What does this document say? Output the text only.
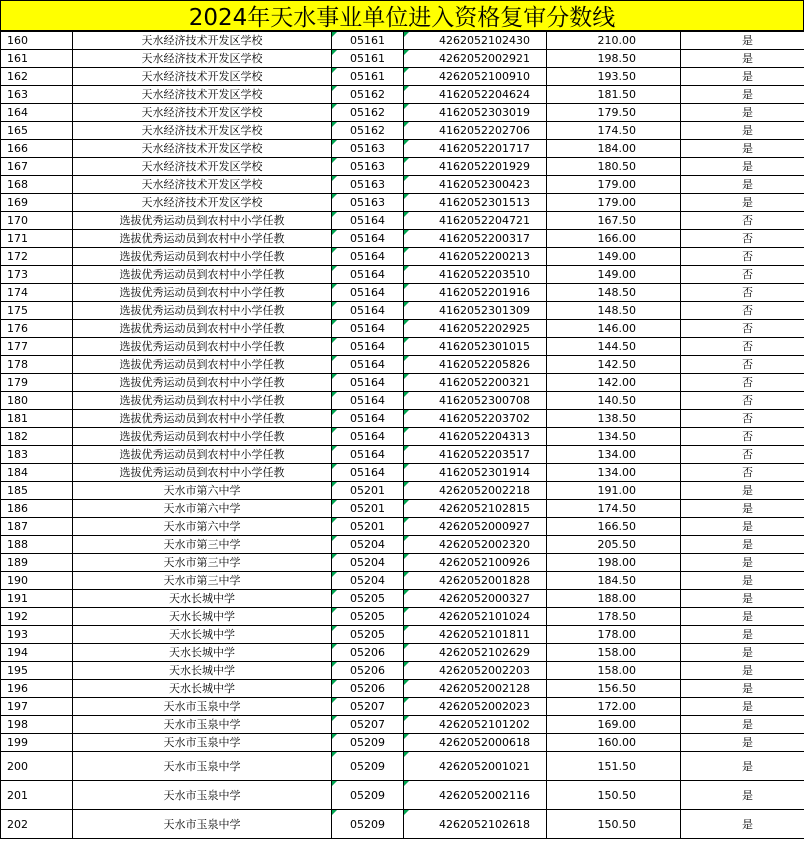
2024年天水事业单位进入资格复审分数线
160	天水经济技术开发区学校	05161	4262052102430	210.00	是
161	天水经济技术开发区学校	05161	4262052002921	198.50	是
162	天水经济技术开发区学校	05161	4262052100910	193.50	是
163	天水经济技术开发区学校	05162	4162052204624	181.50	是
164	天水经济技术开发区学校	05162	4162052303019	179.50	是
165	天水经济技术开发区学校	05162	4162052202706	174.50	是
166	天水经济技术开发区学校	05163	4162052201717	184.00	是
167	天水经济技术开发区学校	05163	4162052201929	180.50	是
168	天水经济技术开发区学校	05163	4162052300423	179.00	是
169	天水经济技术开发区学校	05163	4162052301513	179.00	是
170	选拔优秀运动员到农村中小学任教	05164	4162052204721	167.50	否
171	选拔优秀运动员到农村中小学任教	05164	4162052200317	166.00	否
172	选拔优秀运动员到农村中小学任教	05164	4162052200213	149.00	否
173	选拔优秀运动员到农村中小学任教	05164	4162052203510	149.00	否
174	选拔优秀运动员到农村中小学任教	05164	4162052201916	148.50	否
175	选拔优秀运动员到农村中小学任教	05164	4162052301309	148.50	否
176	选拔优秀运动员到农村中小学任教	05164	4162052202925	146.00	否
177	选拔优秀运动员到农村中小学任教	05164	4162052301015	144.50	否
178	选拔优秀运动员到农村中小学任教	05164	4162052205826	142.50	否
179	选拔优秀运动员到农村中小学任教	05164	4162052200321	142.00	否
180	选拔优秀运动员到农村中小学任教	05164	4162052300708	140.50	否
181	选拔优秀运动员到农村中小学任教	05164	4162052203702	138.50	否
182	选拔优秀运动员到农村中小学任教	05164	4162052204313	134.50	否
183	选拔优秀运动员到农村中小学任教	05164	4162052203517	134.00	否
184	选拔优秀运动员到农村中小学任教	05164	4162052301914	134.00	否
185	天水市第六中学	05201	4262052002218	191.00	是
186	天水市第六中学	05201	4262052102815	174.50	是
187	天水市第六中学	05201	4262052000927	166.50	是
188	天水市第三中学	05204	4262052002320	205.50	是
189	天水市第三中学	05204	4262052100926	198.00	是
190	天水市第三中学	05204	4262052001828	184.50	是
191	天水长城中学	05205	4262052000327	188.00	是
192	天水长城中学	05205	4262052101024	178.50	是
193	天水长城中学	05205	4262052101811	178.00	是
194	天水长城中学	05206	4262052102629	158.00	是
195	天水长城中学	05206	4262052002203	158.00	是
196	天水长城中学	05206	4262052002128	156.50	是
197	天水市玉泉中学	05207	4262052002023	172.00	是
198	天水市玉泉中学	05207	4262052101202	169.00	是
199	天水市玉泉中学	05209	4262052000618	160.00	是
200	天水市玉泉中学	05209	4262052001021	151.50	是
201	天水市玉泉中学	05209	4262052002116	150.50	是
202	天水市玉泉中学	05209	4262052102618	150.50	是
